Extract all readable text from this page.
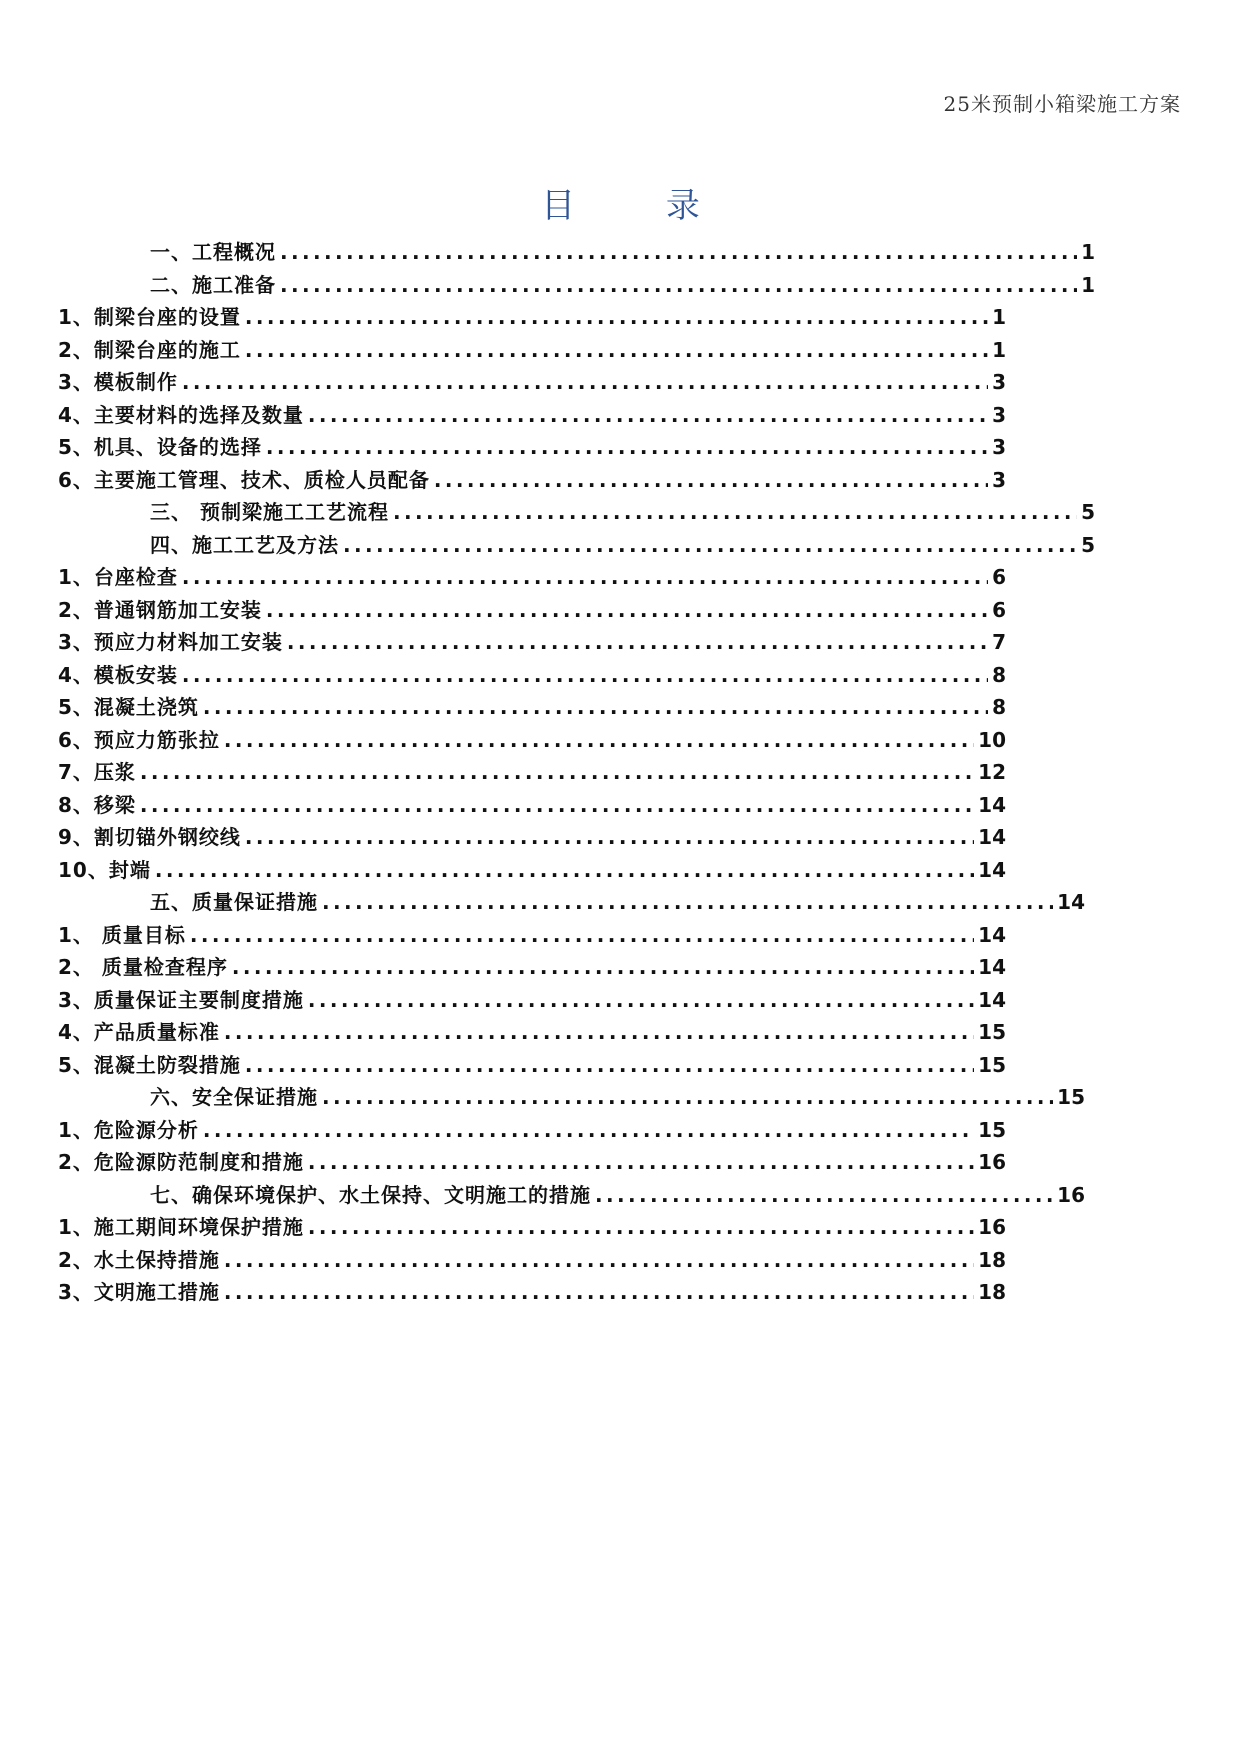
25米预制小箱梁施工方案
目 录
一、工程概况 .....	1
二、施工准备 .....	1
1、制梁台座的设置 .....	1
2、制梁台座的施工 .....	1
3、模板制作 .....	3
4、主要材料的选择及数量 .....	3
5、机具、设备的选择 .....	3
6、主要施工管理、技术、质检人员配备 .....	3
三、 预制梁施工工艺流程 .....	5
四、施工工艺及方法 .....	5
1、台座检查 .....	6
2、普通钢筋加工安装 .....	6
3、预应力材料加工安装 .....	7
4、模板安装 .....	8
5、混凝土浇筑 .....	8
6、预应力筋张拉 .....	10
7、压浆 .....	12
8、移梁 .....	14
9、割切锚外钢绞线 .....	14
10、封端 .....	14
五、质量保证措施 .....	14
1、 质量目标 .....	14
2、 质量检查程序 .....	14
3、质量保证主要制度措施 .....	14
4、产品质量标准 .....	15
5、混凝土防裂措施 .....	15
六、安全保证措施 .....	15
1、危险源分析 .....	15
2、危险源防范制度和措施 .....	16
七、确保环境保护、水土保持、文明施工的措施 .....	16
1、施工期间环境保护措施 .....	16
2、水土保持措施 .....	18
3、文明施工措施 .....	18
